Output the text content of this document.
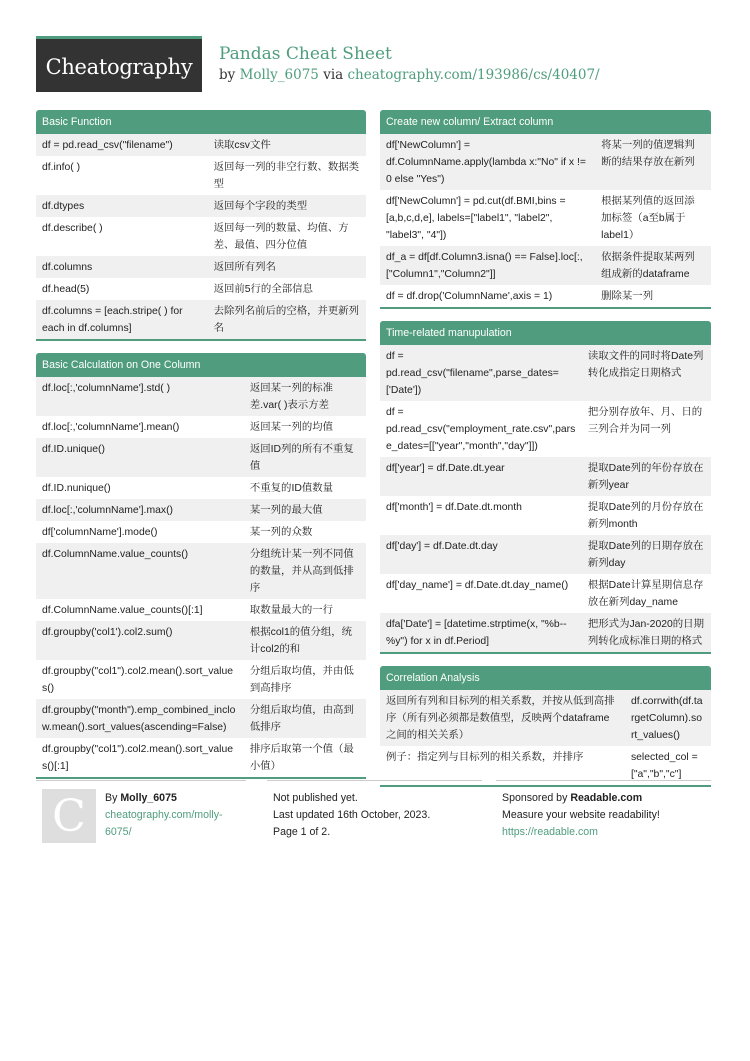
Cheatography
Pandas Cheat Sheet
by Molly_6075 via cheatography.com/193986/cs/40407/
Basic Function
df = pd.read_csv("filename")	读取csv文件
df.info( )	返回每一列的非空行数、数据类型
df.dtypes	返回每个字段的类型
df.describe( )	返回每一列的数量、均值、方差、最值、四分位值
df.columns	返回所有列名
df.head(5)	返回前5行的全部信息
df.columns = [each.stripe( ) for each in df.columns]	去除列名前后的空格，并更新列名
Basic Calculation on One Column
df.loc[:,'columnName'].std( )	返回某一列的标准差.var( )表示方差
df.loc[:,'columnName'].mean()	返回某一列的均值
df.ID.unique()	返回ID列的所有不重复值
df.ID.nunique()	不重复的ID值数量
df.loc[:,'columnName'].max()	某一列的最大值
df['columnName'].mode()	某一列的众数
df.ColumnName.value_counts()	分组统计某一列不同值的数量，并从高到低排序
df.ColumnName.value_counts()[:1]	取数量最大的一行
df.groupby('col1').col2.sum()	根据col1的值分组，统计col2的和
df.groupby("col1").col2.mean().sort_values()	分组后取均值，并由低到高排序
df.groupby("month").emp_combined_inclow.mean().sort_values(ascending=False)	分组后取均值，由高到低排序
df.groupby("col1").col2.mean().sort_values()[:1]	排序后取第一个值（最小值）
Create new column/ Extract column
df['NewColumn'] = df.ColumnName.apply(lambda x:"No" if x != 0 else "Yes")	将某一列的值逻辑判断的结果存放在新列
df['NewColumn'] = pd.cut(df.BMI,bins = [a,b,c,d,e], labels=["label1", "label2", "label3", "4"])	根据某列值的返回添加标签（a至b属于label1）
df_a = df[df.Column3.isna() == False].loc[:, ["Column1","Column2"]]	依据条件提取某两列组成新的dataframe
df = df.drop('ColumnName',axis = 1)	删除某一列
Time-related manupulation
df = pd.read_csv("filename",parse_dates=['Date'])	读取文件的同时将Date列转化成指定日期格式
df = pd.read_csv("employment_rate.csv",parse_dates=[["year","month","day"]])	把分别存放年、月、日的三列合并为同一列
df['year'] = df.Date.dt.year	提取Date列的年份存放在新列year
df['month'] = df.Date.dt.month	提取Date列的月份存放在新列month
df['day'] = df.Date.dt.day	提取Date列的日期存放在新列day
df['day_name'] = df.Date.dt.day_name()	根据Date计算星期信息存放在新列day_name
dfa['Date'] = [datetime.strptime(x, "%b--%y") for x in df.Period]	把形式为Jan-2020的日期列转化成标准日期的格式
Correlation Analysis
返回所有列和目标列的相关系数，并按从低到高排序（所有列必须都是数值型，反映两个dataframe之间的相关关系）	df.corrwith(df.targetColumn).sort_values()
例子：指定列与目标列的相关系数，并排序	selected_col = ["a","b","c"]
C	By Molly_6075
cheatography.com/molly-
6075/
Not published yet.
Last updated 16th October, 2023.
Page 1 of 2.
Sponsored by Readable.com
Measure your website readability!
https://readable.com
